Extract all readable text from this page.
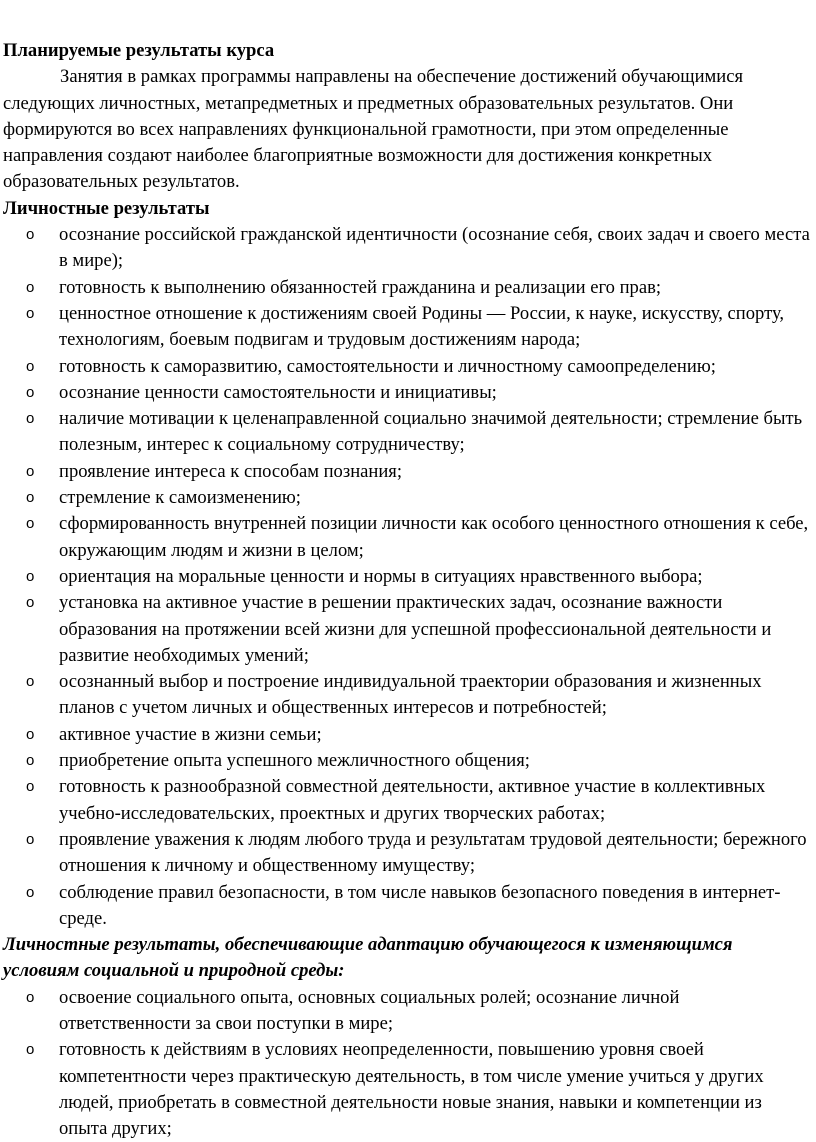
Планируемые результаты курса

Занятия в рамках программы направлены на обеспечение достижений обучающимися следующих личностных, метапредметных и предметных образовательных результатов. Они формируются во всех направлениях функциональной грамотности, при этом определенные направления создают наиболее благоприятные возможности для достижения конкретных образовательных результатов.

Личностные результаты

o осознание российской гражданской идентичности (осознание себя, своих задач и своего места в мире);
o готовность к выполнению обязанностей гражданина и реализации его прав;
o ценностное отношение к достижениям своей Родины — России, к науке, искусству, спорту, технологиям, боевым подвигам и трудовым достижениям народа;
o готовность к саморазвитию, самостоятельности и личностному самоопределению;
o осознание ценности самостоятельности и инициативы;
o наличие мотивации к целенаправленной социально значимой деятельности; стремление быть полезным, интерес к социальному сотрудничеству;
o проявление интереса к способам познания;
o стремление к самоизменению;
o сформированность внутренней позиции личности как особого ценностного отношения к себе, окружающим людям и жизни в целом;
o ориентация на моральные ценности и нормы в ситуациях нравственного выбора;
o установка на активное участие в решении практических задач, осознание важности образования на протяжении всей жизни для успешной профессиональной деятельности и развитие необходимых умений;
o осознанный выбор и построение индивидуальной траектории образования и жизненных планов с учетом личных и общественных интересов и потребностей;
o активное участие в жизни семьи;
o приобретение опыта успешного межличностного общения;
o готовность к разнообразной совместной деятельности, активное участие в коллективных учебно-исследовательских, проектных и других творческих работах;
o проявление уважения к людям любого труда и результатам трудовой деятельности; бережного отношения к личному и общественному имуществу;
o соблюдение правил безопасности, в том числе навыков безопасного поведения в интернет-среде.

Личностные результаты, обеспечивающие адаптацию обучающегося к изменяющимся условиям социальной и природной среды:

o освоение социального опыта, основных социальных ролей; осознание личной ответственности за свои поступки в мире;
o готовность к действиям в условиях неопределенности, повышению уровня своей компетентности через практическую деятельность, в том числе умение учиться у других людей, приобретать в совместной деятельности новые знания, навыки и компетенции из опыта других;
